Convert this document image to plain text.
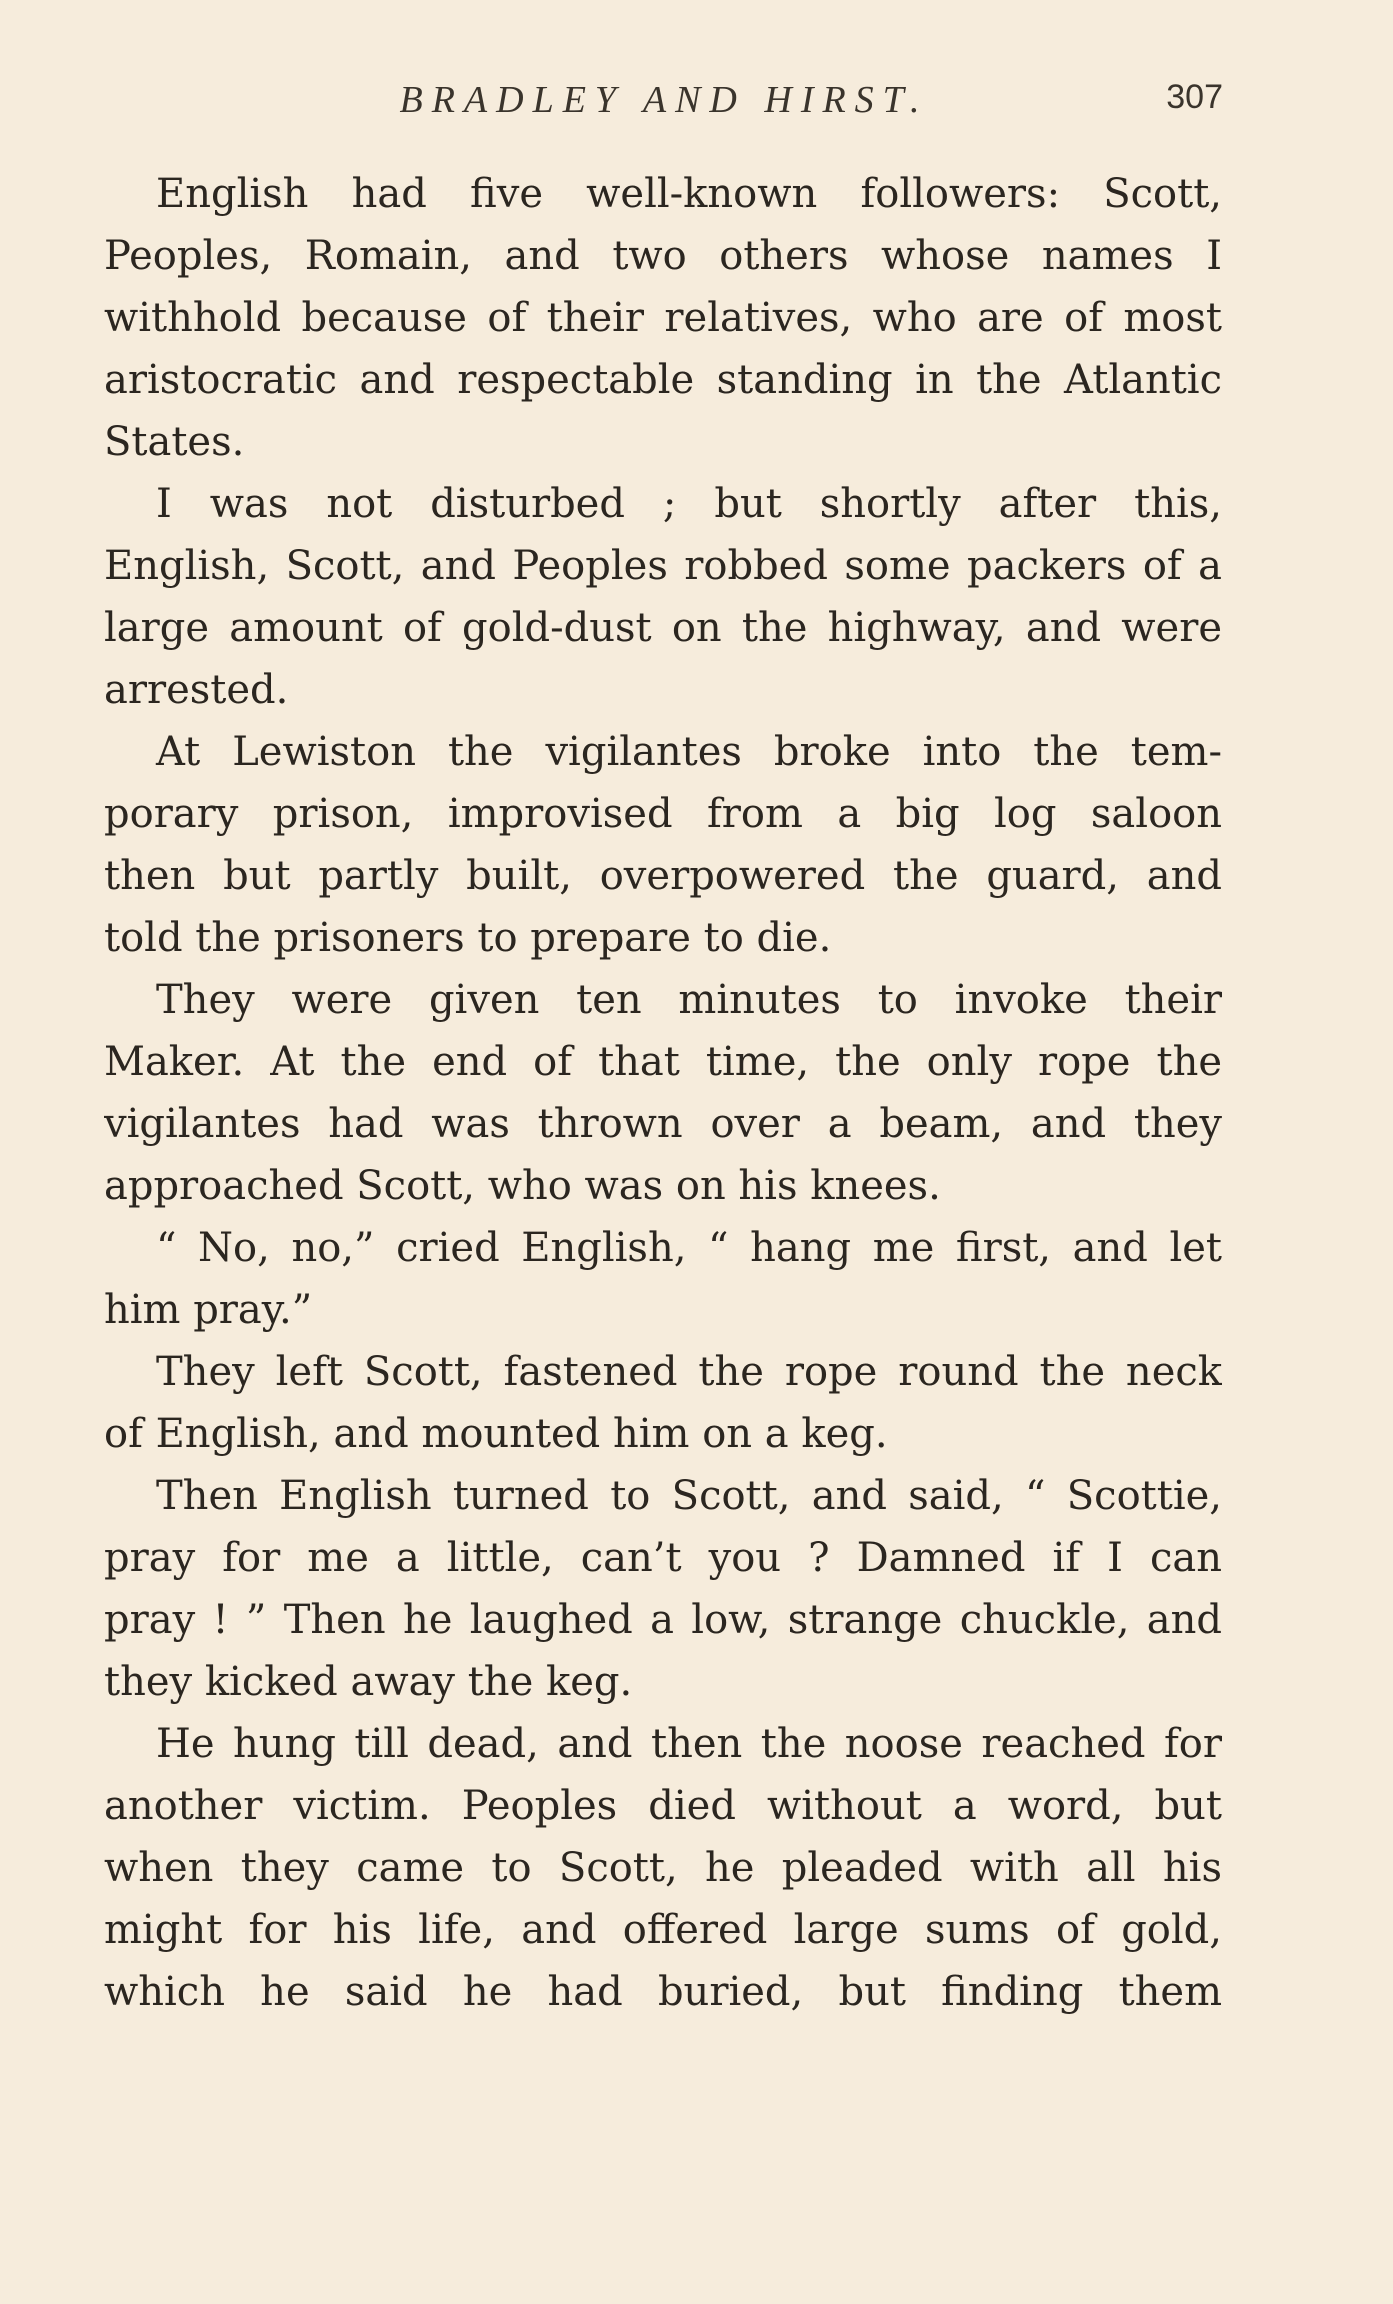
BRADLEY AND HIRST.	307
English had five well-known followers: Scott,
Peoples, Romain, and two others whose names I
withhold because of their relatives, who are of most
aristocratic and respectable standing in the Atlantic
States.
I was not disturbed ; but shortly after this,
English, Scott, and Peoples robbed some packers of a
large amount of gold-dust on the highway, and were
arrested.
At Lewiston the vigilantes broke into the tem-
porary prison, improvised from a big log saloon
then but partly built, overpowered the guard, and
told the prisoners to prepare to die.
They were given ten minutes to invoke their
Maker. At the end of that time, the only rope the
vigilantes had was thrown over a beam, and they
approached Scott, who was on his knees.
“ No, no,” cried English, “ hang me first, and let
him pray.”
They left Scott, fastened the rope round the neck
of English, and mounted him on a keg.
Then English turned to Scott, and said, “ Scottie,
pray for me a little, can’t you ? Damned if I can
pray ! ” Then he laughed a low, strange chuckle, and
they kicked away the keg.
He hung till dead, and then the noose reached for
another victim. Peoples died without a word, but
when they came to Scott, he pleaded with all his
might for his life, and offered large sums of gold,
which he said he had buried, but finding them
